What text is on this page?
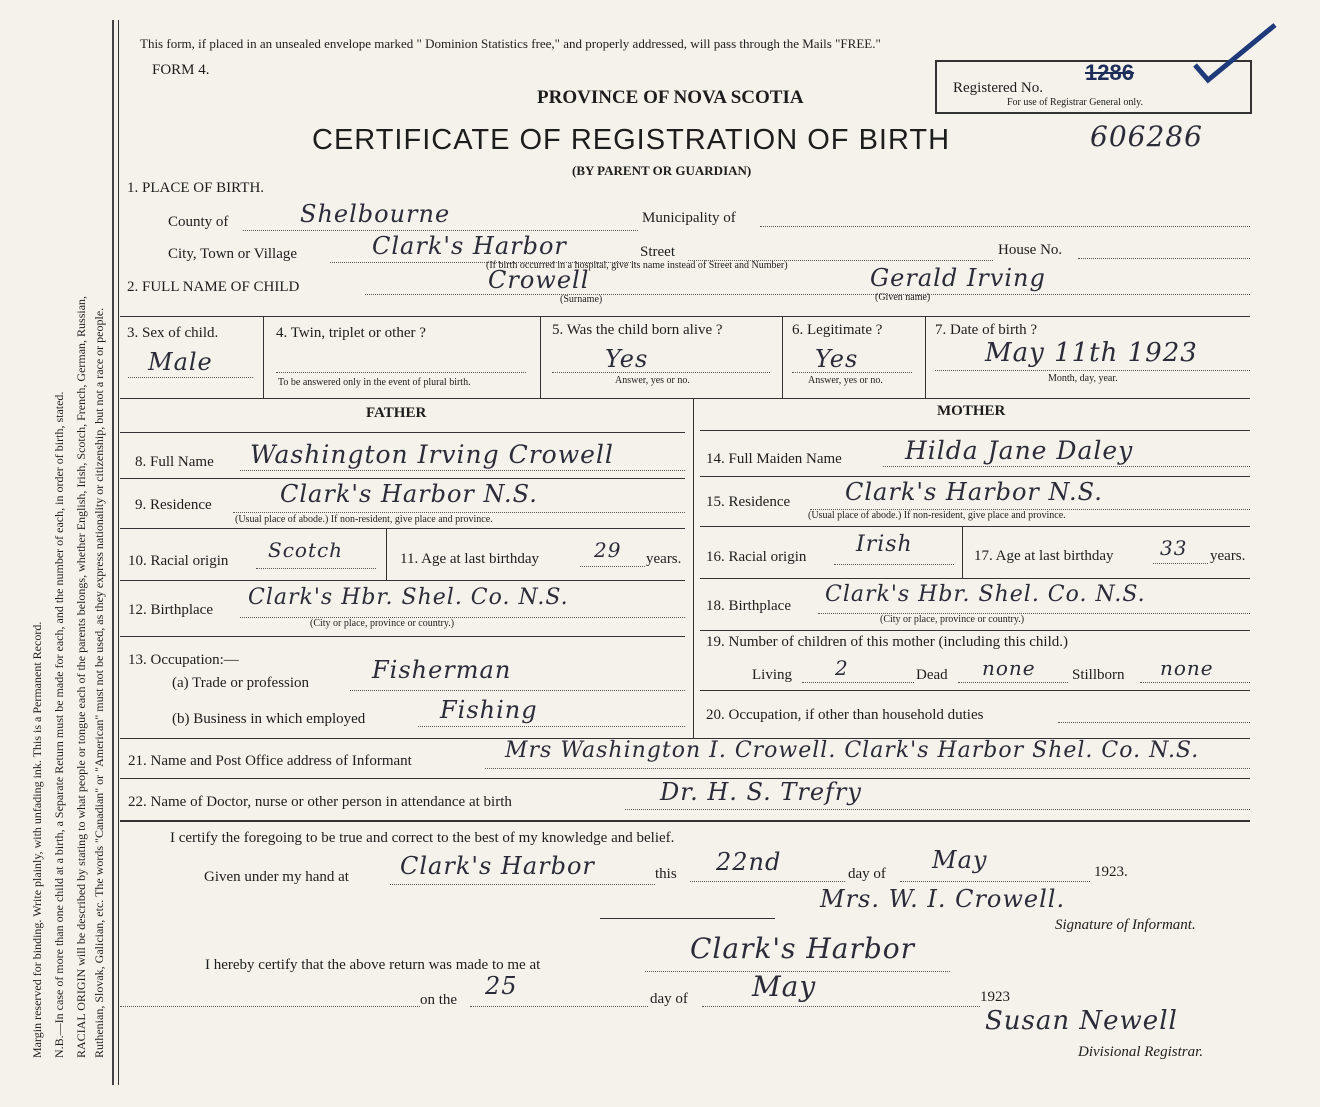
Margin reserved for binding. Write plainly, with unfading ink. This is a Permanent Record. N.B.—In case of more than one child at a birth, a Separate Return must be made for each, and the number of each, in order of birth, stated. RACIAL ORIGIN will be described by stating to what people or tongue each of the parents belongs, whether English, Irish, Scotch, French, German, Russian, Ruthenian, Slovak, Galician, etc. The words "Canadian" or "American" must not be used, as they express nationality or citizenship, but not a race or people.
This form, if placed in an unsealed envelope marked " Dominion Statistics free," and properly addressed, will pass through the Mails "FREE."
FORM 4.
PROVINCE OF NOVA SCOTIA
CERTIFICATE OF REGISTRATION OF BIRTH
(BY PARENT OR GUARDIAN)
606286
Registered No.
1286
For use of Registrar General only.
1. PLACE OF BIRTH.
County of	Shelbourne	Municipality of
City, Town or Village	Clark's Harbor	Street	House No.
(If birth occurred in a hospital, give its name instead of Street and Number)
2. FULL NAME OF CHILD	Crowell
(Surname)
Gerald Irving
(Given name)
3. Sex of child.
Male
4. Twin, triplet or other ?
To be answered only in the event of plural birth.
5. Was the child born alive ?
Yes
Answer, yes or no.
6. Legitimate ?
Yes
Answer, yes or no.
7. Date of birth ?
May 11th 1923
Month, day, year.
FATHER	MOTHER
8. Full Name Washington Irving Crowell
9. Residence	Clark's Harbor N.S.
(Usual place of abode.) If non-resident, give place and province.
10. Racial origin Scotch	11. Age at last birthday	29 years.
12. Birthplace Clark's Hbr. Shel. Co. N.S.
(City or place, province or country.)
13. Occupation:—
(a) Trade or profession	Fisherman
(b) Business in which employed	Fishing
14. Full Maiden Name	Hilda Jane Daley
15. Residence Clark's Harbor N.S.
(Usual place of abode.) If non-resident, give place and province.
16. Racial origin Irish	17. Age at last birthday 33 years.
18. Birthplace Clark's Hbr. Shel. Co. N.S.
(City or place, province or country.)
19. Number of children of this mother (including this child.)
Living 2	Dead none Stillborn none
20. Occupation, if other than household duties
21. Name and Post Office address of Informant	Mrs Washington I. Crowell. Clark's Harbor Shel. Co. N.S.
22. Name of Doctor, nurse or other person in attendance at birth	Dr. H. S. Trefry
I certify the foregoing to be true and correct to the best of my knowledge and belief.
Given under my hand at Clark's Harbor	this 22nd	day of May	1923.
Mrs. W. I. Crowell.
Signature of Informant.
I hereby certify that the above return was made to me at	Clark's Harbor
on the 25	day of May	1923
Susan Newell
Divisional Registrar.
